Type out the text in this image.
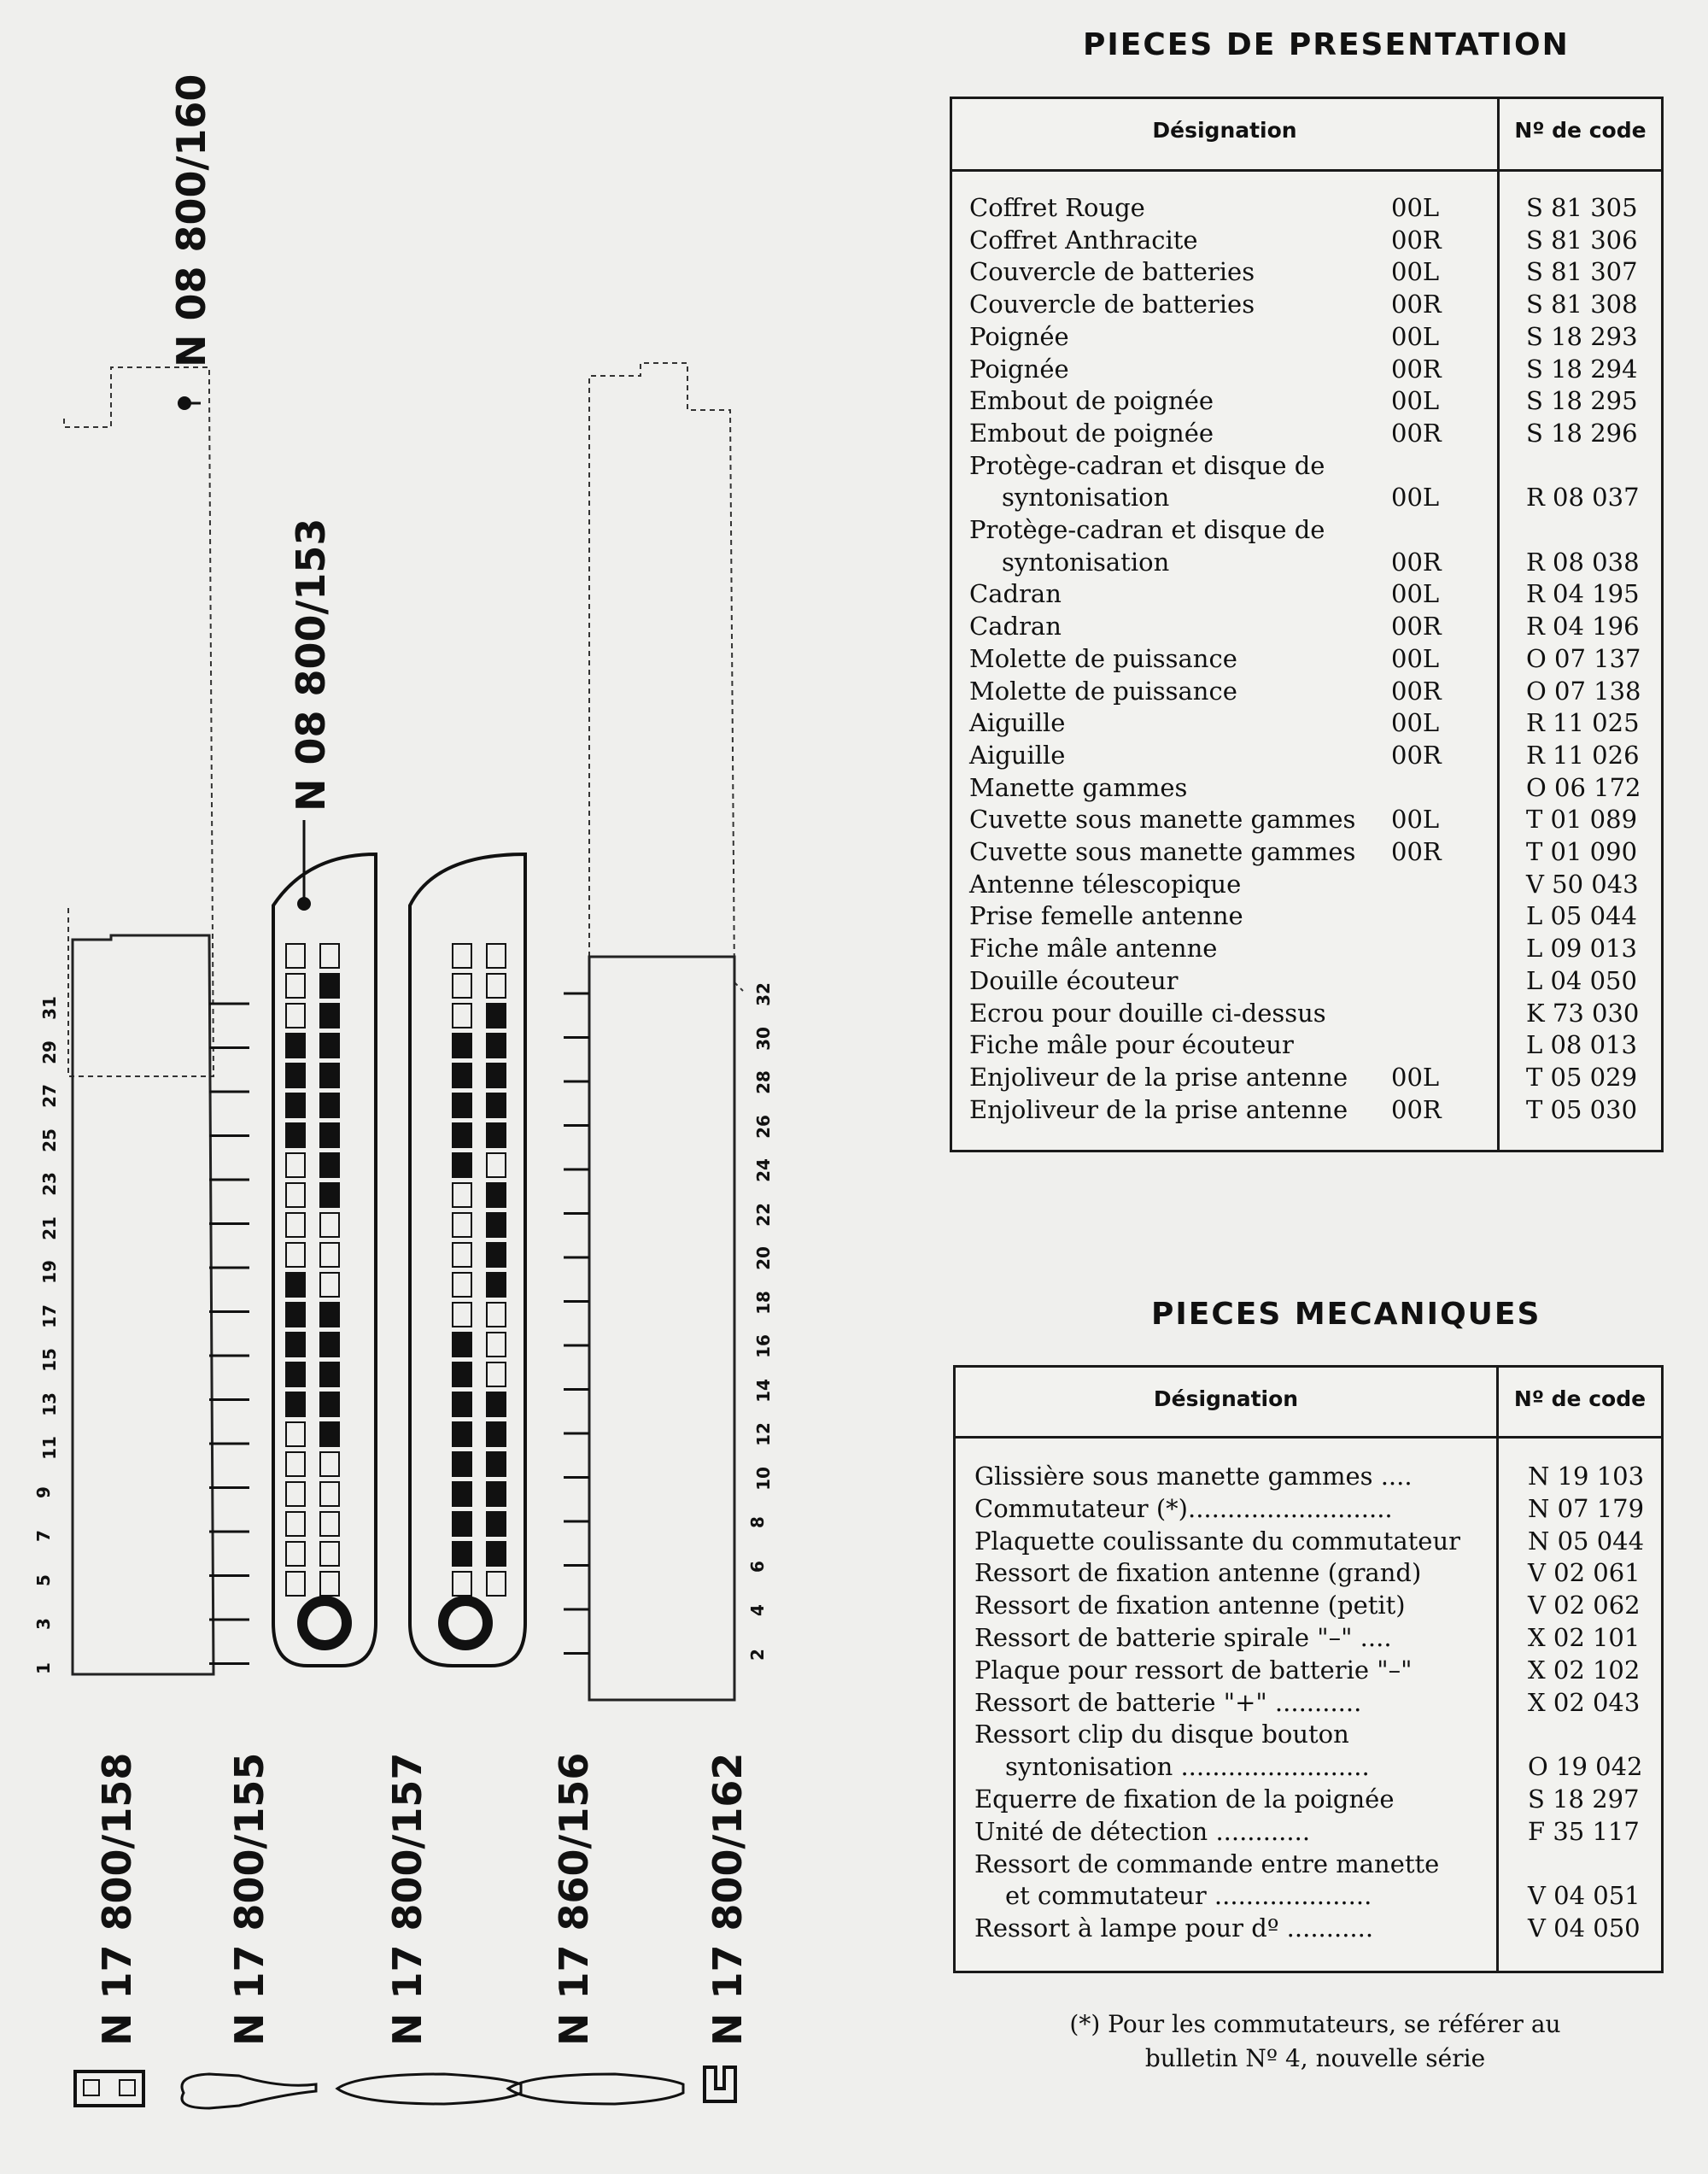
31
29
27
25
23
21
19
17
15
13
11
9
7
5
3
1
32
30
28
26
24
22
20
18
16
14
12
10
8
6
4
2
N 08 800/160
N 08 800/153
N 17 800/158 N 17 800/155	N 17 800/157	N 17 860/156	N 17 800/162
PIECES DE PRESENTATION
Désignation	Nº de code
Coffret Rouge	00L	S 81 305
Coffret Anthracite	00R	S 81 306
Couvercle de batteries	00L	S 81 307
Couvercle de batteries	00R	S 81 308
Poignée	00L	S 18 293
Poignée	00R	S 18 294
Embout de poignée	00L	S 18 295
Embout de poignée	00R	S 18 296
Protège-cadran et disque de
syntonisation	00L	R 08 037
Protège-cadran et disque de
syntonisation	00R	R 08 038
Cadran	00L	R 04 195
Cadran	00R	R 04 196
Molette de puissance	00L	O 07 137
Molette de puissance	00R	O 07 138
Aiguille	00L	R 11 025
Aiguille	00R	R 11 026
Manette gammes	O 06 172
Cuvette sous manette gammes 00L	T 01 089
Cuvette sous manette gammes 00R	T 01 090
Antenne télescopique	V 50 043
Prise femelle antenne	L 05 044
Fiche mâle antenne	L 09 013
Douille écouteur	L 04 050
Ecrou pour douille ci-dessus	K 73 030
Fiche mâle pour écouteur	L 08 013
Enjoliveur de la prise antenne 00L	T 05 029
Enjoliveur de la prise antenne 00R	T 05 030
PIECES MECANIQUES
Désignation	Nº de code
Glissière sous manette gammes ....	N 19 103
Commutateur (*)..........................	N 07 179
Plaquette coulissante du commutateur	N 05 044
Ressort de fixation antenne (grand)	V 02 061
Ressort de fixation antenne (petit)	V 02 062
Ressort de batterie spirale "–" ....	X 02 101
Plaque pour ressort de batterie "–"	X 02 102
Ressort de batterie "+" ...........	X 02 043
Ressort clip du disque bouton
syntonisation ........................	O 19 042
Equerre de fixation de la poignée	S 18 297
Unité de détection ............	F 35 117
Ressort de commande entre manette
et commutateur ....................	V 04 051
Ressort à lampe pour dº ...........	V 04 050
(*) Pour les commutateurs, se référer au
bulletin Nº 4, nouvelle série
